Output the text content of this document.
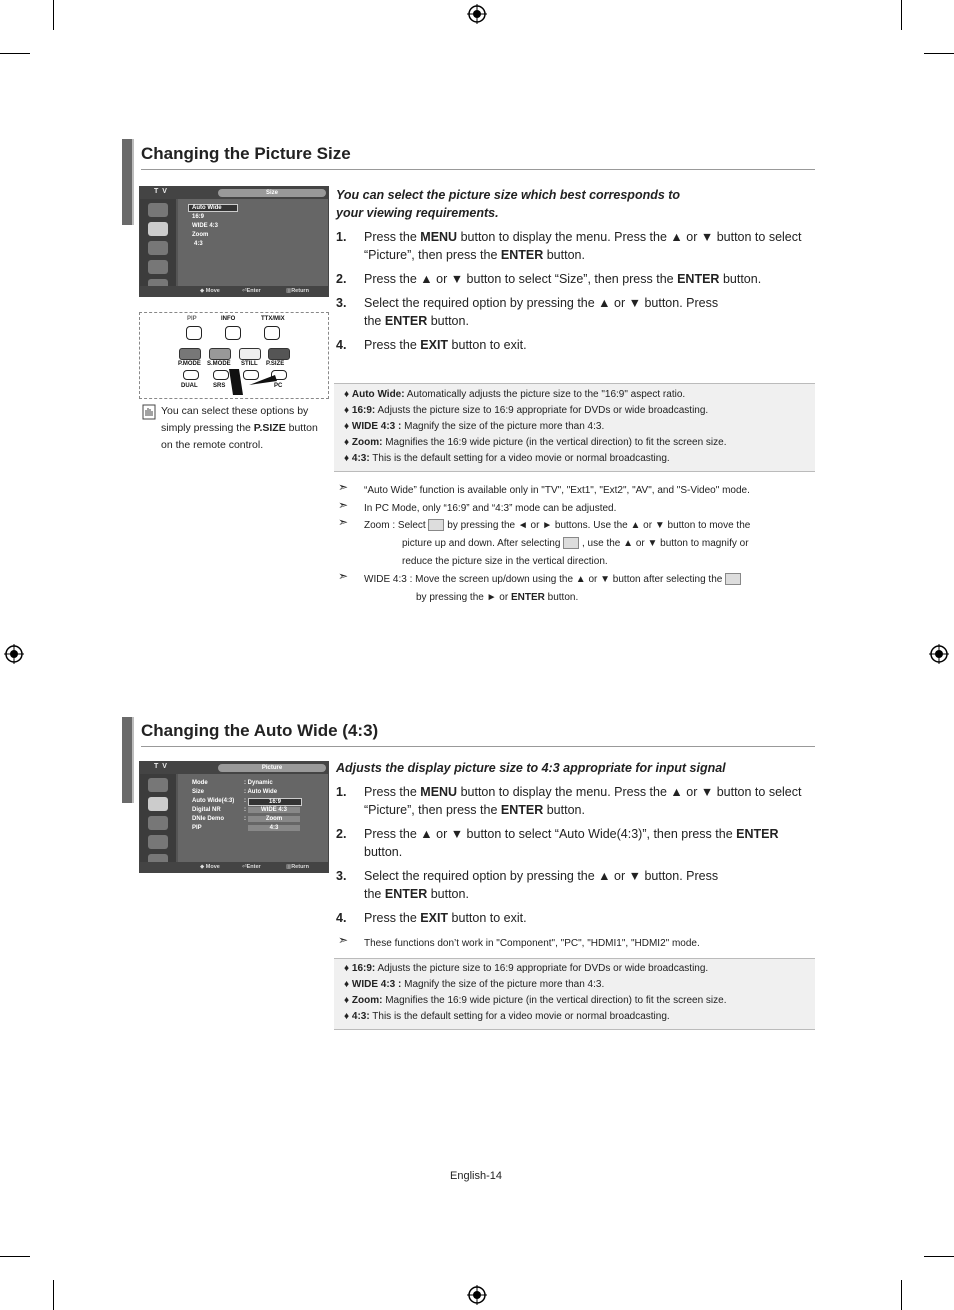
Changing the Picture Size
T V	Size
Auto Wide
16:9
WIDE 4:3
Zoom
4:3
◆ Move	⏎Enter	▥Return
PIP	INFO	TTX/MIX
P.MODE S.MODE STILL P.SIZE
DUAL	SRS	PC
You can select these options by simply pressing the P.SIZE button on the remote control.
You can select the picture size which best corresponds to your viewing requirements.
1. Press the MENU button to display the menu. Press the ▲ or ▼ button to select “Picture”, then press the ENTER button.
2. Press the ▲ or ▼ button to select “Size”, then press the ENTER button.
3. Select the required option by pressing the ▲ or ▼ button. Press the ENTER button.
4. Press the EXIT button to exit.
♦ Auto Wide: Automatically adjusts the picture size to the "16:9" aspect ratio.
♦ 16:9: Adjusts the picture size to 16:9 appropriate for DVDs or wide broadcasting.
♦ WIDE 4:3 : Magnify the size of the picture more than 4:3.
♦ Zoom: Magnifies the 16:9 wide picture (in the vertical direction) to fit the screen size.
♦ 4:3: This is the default setting for a video movie or normal broadcasting.
➣ “Auto Wide” function is available only in "TV", "Ext1", "Ext2", "AV", and "S-Video" mode.
➣ In PC Mode, only “16:9” and “4:3” mode can be adjusted.
➣ Zoom : Select by pressing the ◄ or ► buttons. Use the ▲ or ▼ button to move the
picture up and down. After selecting , use the ▲ or ▼ button to magnify or
reduce the picture size in the vertical direction.
➣ WIDE 4:3 : Move the screen up/down using the ▲ or ▼ button after selecting the
by pressing the ► or ENTER button.
Changing the Auto Wide (4:3)
T V	Picture
Mode	: Dynamic
Size	: Auto Wide
Auto Wide(4:3) :
Digital NR	:
DNIe Demo	:
PIP
16:9
WIDE 4:3
Zoom
4:3
◆ Move	⏎Enter	▥Return
Adjusts the display picture size to 4:3 appropriate for input signal
1. Press the MENU button to display the menu. Press the ▲ or ▼ button to select “Picture”, then press the ENTER button.
2. Press the ▲ or ▼ button to select “Auto Wide(4:3)”, then press the ENTER button.
3. Select the required option by pressing the ▲ or ▼ button. Press the ENTER button.
4. Press the EXIT button to exit.
➣ These functions don’t work in "Component", "PC", "HDMI1", "HDMI2" mode.
♦ 16:9: Adjusts the picture size to 16:9 appropriate for DVDs or wide broadcasting.
♦ WIDE 4:3 : Magnify the size of the picture more than 4:3.
♦ Zoom: Magnifies the 16:9 wide picture (in the vertical direction) to fit the screen size.
♦ 4:3: This is the default setting for a video movie or normal broadcasting.
English-14
